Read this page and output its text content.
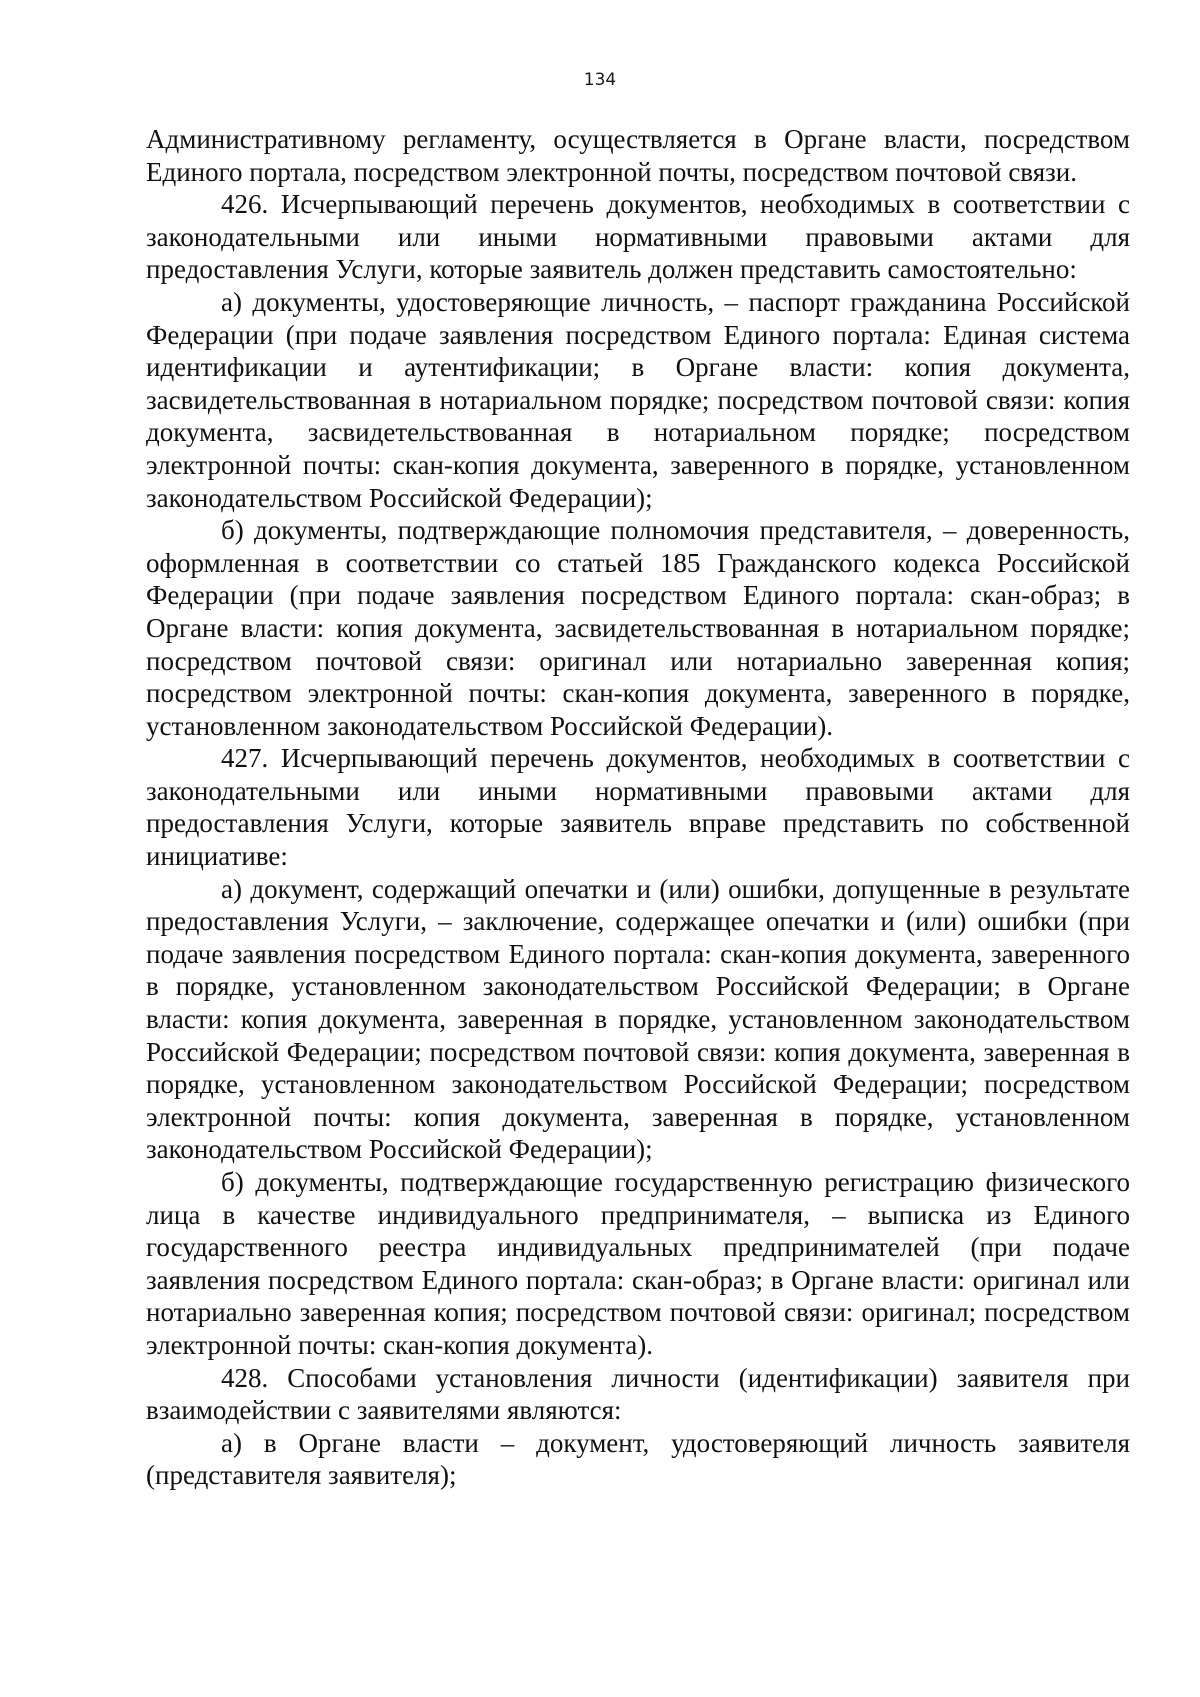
134

Административному регламенту, осуществляется в Органе власти, посредством Единого портала, посредством электронной почты, посредством почтовой связи.

426. Исчерпывающий перечень документов, необходимых в соответствии с законодательными или иными нормативными правовыми актами для предоставления Услуги, которые заявитель должен представить самостоятельно:

а) документы, удостоверяющие личность, – паспорт гражданина Российской Федерации (при подаче заявления посредством Единого портала: Единая система идентификации и аутентификации; в Органе власти: копия документа, засвидетельствованная в нотариальном порядке; посредством почтовой связи: копия документа, засвидетельствованная в нотариальном порядке; посредством электронной почты: скан-копия документа, заверенного в порядке, установленном законодательством Российской Федерации);

б) документы, подтверждающие полномочия представителя, – доверенность, оформленная в соответствии со статьей 185 Гражданского кодекса Российской Федерации (при подаче заявления посредством Единого портала: скан-образ; в Органе власти: копия документа, засвидетельствованная в нотариальном порядке; посредством почтовой связи: оригинал или нотариально заверенная копия; посредством электронной почты: скан-копия документа, заверенного в порядке, установленном законодательством Российской Федерации).

427. Исчерпывающий перечень документов, необходимых в соответствии с законодательными или иными нормативными правовыми актами для предоставления Услуги, которые заявитель вправе представить по собственной инициативе:

а) документ, содержащий опечатки и (или) ошибки, допущенные в результате предоставления Услуги, – заключение, содержащее опечатки и (или) ошибки (при подаче заявления посредством Единого портала: скан-копия документа, заверенного в порядке, установленном законодательством Российской Федерации; в Органе власти: копия документа, заверенная в порядке, установленном законодательством Российской Федерации; посредством почтовой связи: копия документа, заверенная в порядке, установленном законодательством Российской Федерации; посредством электронной почты: копия документа, заверенная в порядке, установленном законодательством Российской Федерации);

б) документы, подтверждающие государственную регистрацию физического лица в качестве индивидуального предпринимателя, – выписка из Единого государственного реестра индивидуальных предпринимателей (при подаче заявления посредством Единого портала: скан-образ; в Органе власти: оригинал или нотариально заверенная копия; посредством почтовой связи: оригинал; посредством электронной почты: скан-копия документа).

428. Способами установления личности (идентификации) заявителя при взаимодействии с заявителями являются:

а) в Органе власти – документ, удостоверяющий личность заявителя (представителя заявителя);
